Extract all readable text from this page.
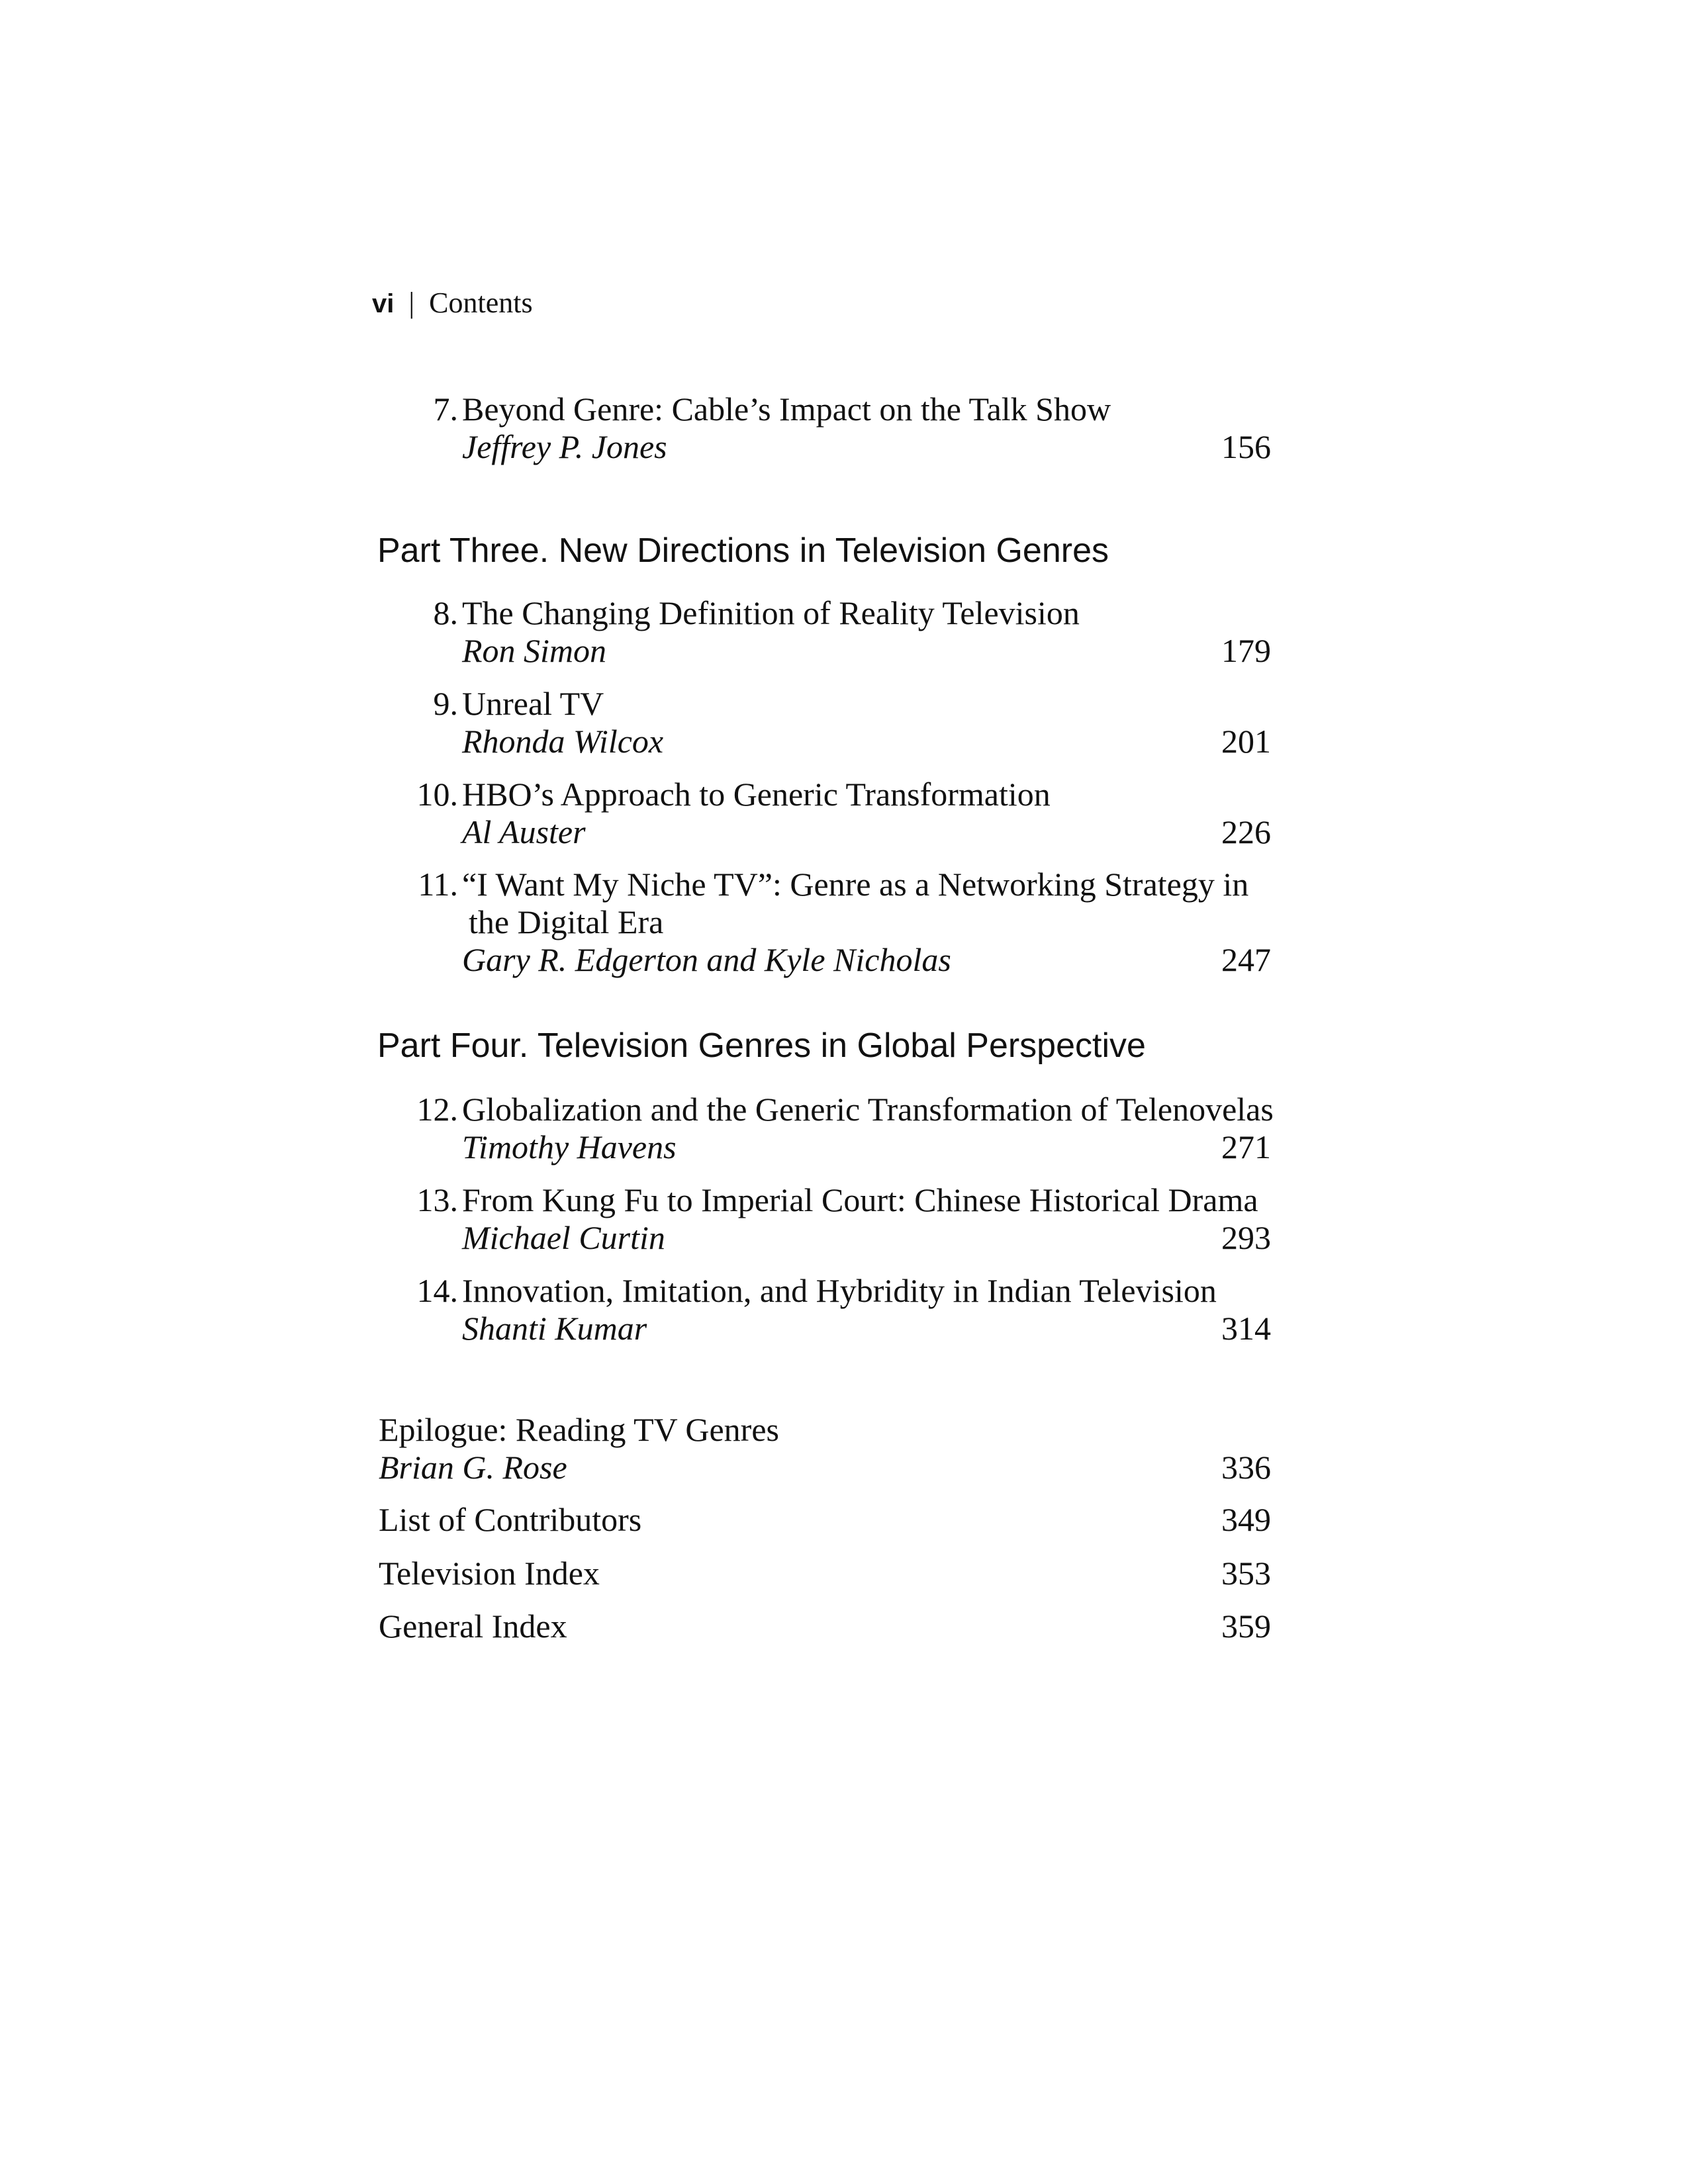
vi | Contents
7. Beyond Genre: Cable’s Impact on the Talk Show
Jeffrey P. Jones	156
Part Three. New Directions in Television Genres
8. The Changing Definition of Reality Television
Ron Simon	179
9. Unreal TV
Rhonda Wilcox	201
10. HBO’s Approach to Generic Transformation
Al Auster	226
11. “I Want My Niche TV”: Genre as a Networking Strategy in
the Digital Era
Gary R. Edgerton and Kyle Nicholas	247
Part Four. Television Genres in Global Perspective
12. Globalization and the Generic Transformation of Telenovelas
Timothy Havens	271
13. From Kung Fu to Imperial Court: Chinese Historical Drama
Michael Curtin	293
14. Innovation, Imitation, and Hybridity in Indian Television
Shanti Kumar	314
Epilogue: Reading TV Genres
Brian G. Rose	336
List of Contributors	349
Television Index	353
General Index	359
